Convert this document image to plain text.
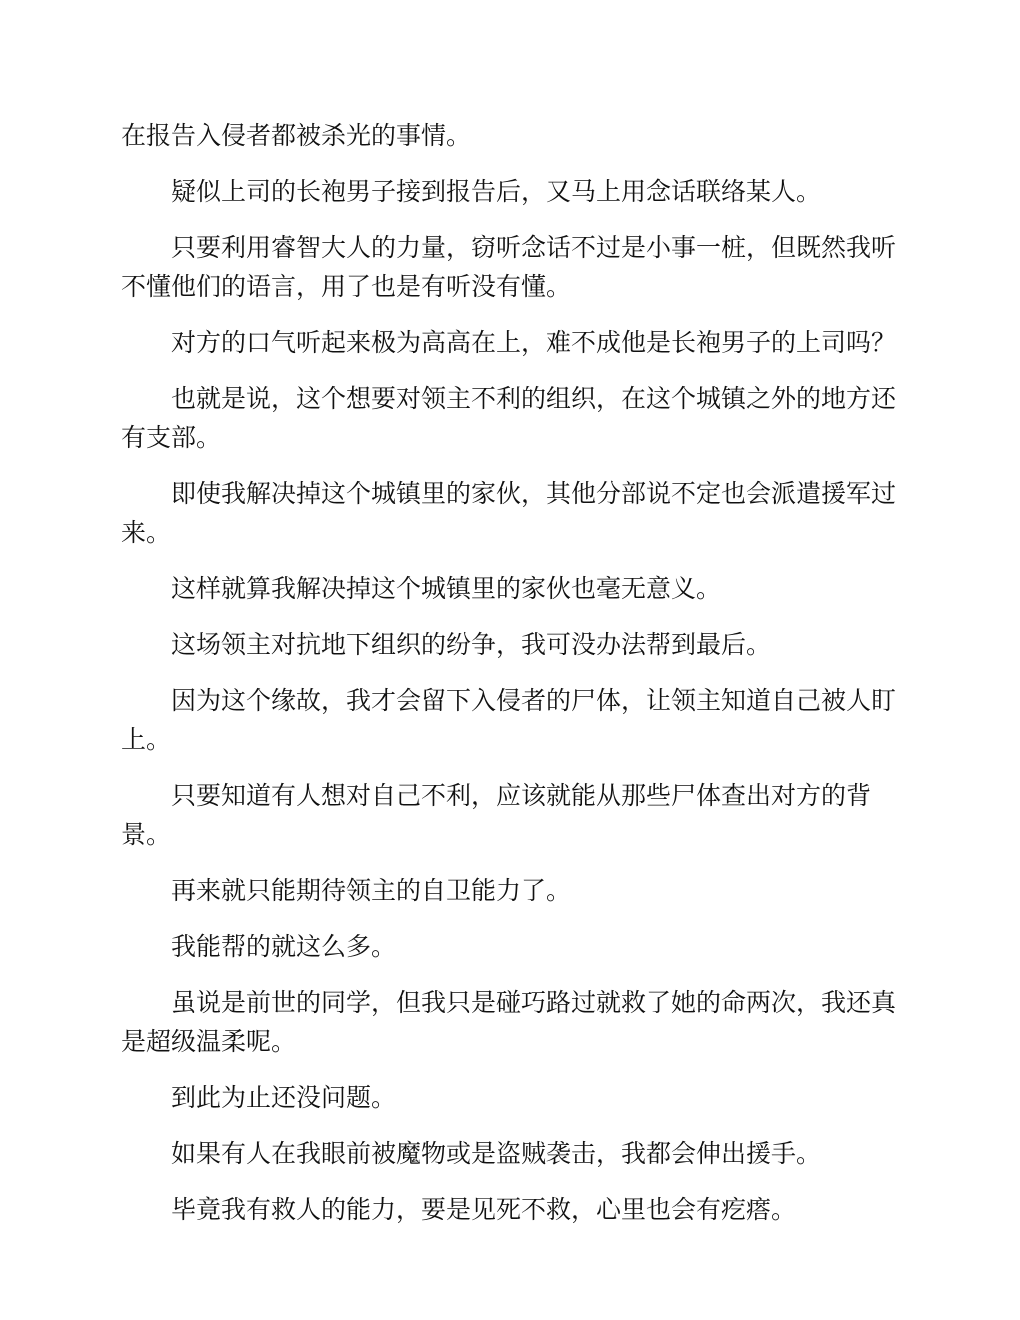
在报告入侵者都被杀光的事情。

疑似上司的长袍男子接到报告后，又马上用念话联络某人。

只要利用睿智大人的力量，窃听念话不过是小事一桩，但既然我听不懂他们的语言，用了也是有听没有懂。

对方的口气听起来极为高高在上，难不成他是长袍男子的上司吗？

也就是说，这个想要对领主不利的组织，在这个城镇之外的地方还有支部。

即使我解决掉这个城镇里的家伙，其他分部说不定也会派遣援军过来。

这样就算我解决掉这个城镇里的家伙也毫无意义。

这场领主对抗地下组织的纷争，我可没办法帮到最后。

因为这个缘故，我才会留下入侵者的尸体，让领主知道自己被人盯上。

只要知道有人想对自己不利，应该就能从那些尸体查出对方的背景。

再来就只能期待领主的自卫能力了。

我能帮的就这么多。

虽说是前世的同学，但我只是碰巧路过就救了她的命两次，我还真是超级温柔呢。

到此为止还没问题。

如果有人在我眼前被魔物或是盗贼袭击，我都会伸出援手。

毕竟我有救人的能力，要是见死不救，心里也会有疙瘩。
